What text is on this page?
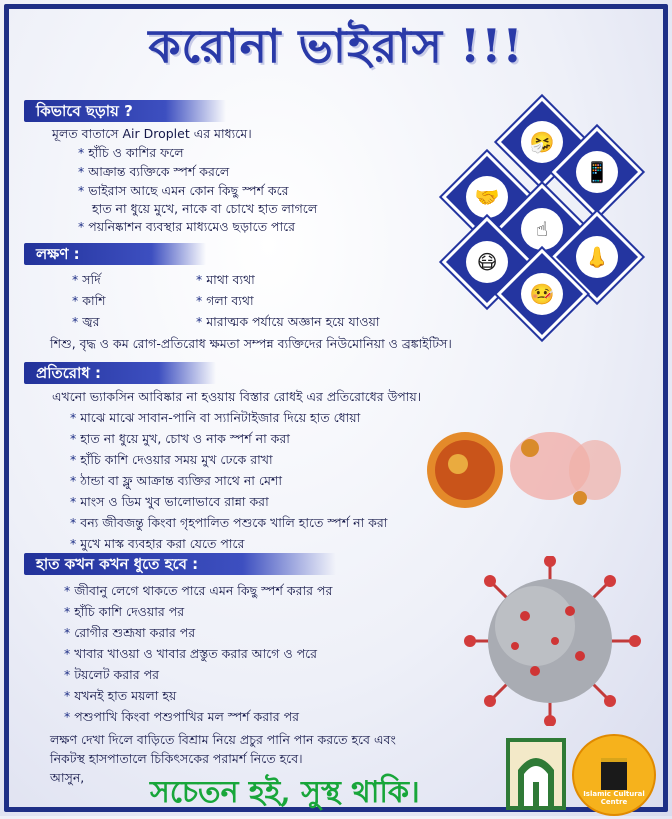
করোনা ভাইরাস !!!
কিভাবে ছড়ায় ?
মূলত বাতাসে Air Droplet এর মাধ্যমে।
* হাঁচি ও কাশির ফলে
* আক্রান্ত ব্যক্তিকে স্পর্শ করলে
* ভাইরাস আছে এমন কোন কিছু স্পর্শ করে
হাত না ধুয়ে মুখে, নাকে বা চোখে হাত লাগলে
* পয়নিষ্কাশন ব্যবস্থার মাধ্যমেও ছড়াতে পারে
🤧
🤝
📱
☝
😷	👃
🤒
লক্ষণ :
* সর্দি
* কাশি
* জ্বর
* মাথা ব্যথা
* গলা ব্যথা
* মারাত্মক পর্যায়ে অজ্ঞান হয়ে যাওয়া
শিশু, বৃদ্ধ ও কম রোগ-প্রতিরোধ ক্ষমতা সম্পন্ন ব্যক্তিদের নিউমোনিয়া ও ব্রঙ্কাইটিস।
প্রতিরোধ :
এখনো ভ্যাকসিন আবিষ্কার না হওয়ায় বিস্তার রোধই এর প্রতিরোধের উপায়।
* মাঝে মাঝে সাবান-পানি বা স্যানিটাইজার দিয়ে হাত ধোয়া
* হাত না ধুয়ে মুখ, চোখ ও নাক স্পর্শ না করা
* হাঁচি কাশি দেওয়ার সময় মুখ ঢেকে রাখা
* ঠান্ডা বা ফ্লু আক্রান্ত ব্যক্তির সাথে না মেশা
* মাংস ও ডিম খুব ভালোভাবে রান্না করা
* বন্য জীবজন্তু কিংবা গৃহপালিত পশুকে খালি হাতে স্পর্শ না করা
* মুখে মাস্ক ব্যবহার করা যেতে পারে
হাত কখন কখন ধুতে হবে :
* জীবানু লেগে থাকতে পারে এমন কিছু স্পর্শ করার পর
* হাঁচি কাশি দেওয়ার পর
* রোগীর শুশ্রূষা করার পর
* খাবার খাওয়া ও খাবার প্রস্তুত করার আগে ও পরে
* টয়লেট করার পর
* যখনই হাত ময়লা হয়
* পশুপাখি কিংবা পশুপাখির মল স্পর্শ করার পর
লক্ষণ দেখা দিলে বাড়িতে বিশ্রাম নিয়ে প্রচুর পানি পান করতে হবে এবং
নিকটস্থ হাসপাতালে চিকিৎসকের পরামর্শ নিতে হবে।
আসুন, সচেতন হই, সুস্থ থাকি।	Islamic Cultural Centre
